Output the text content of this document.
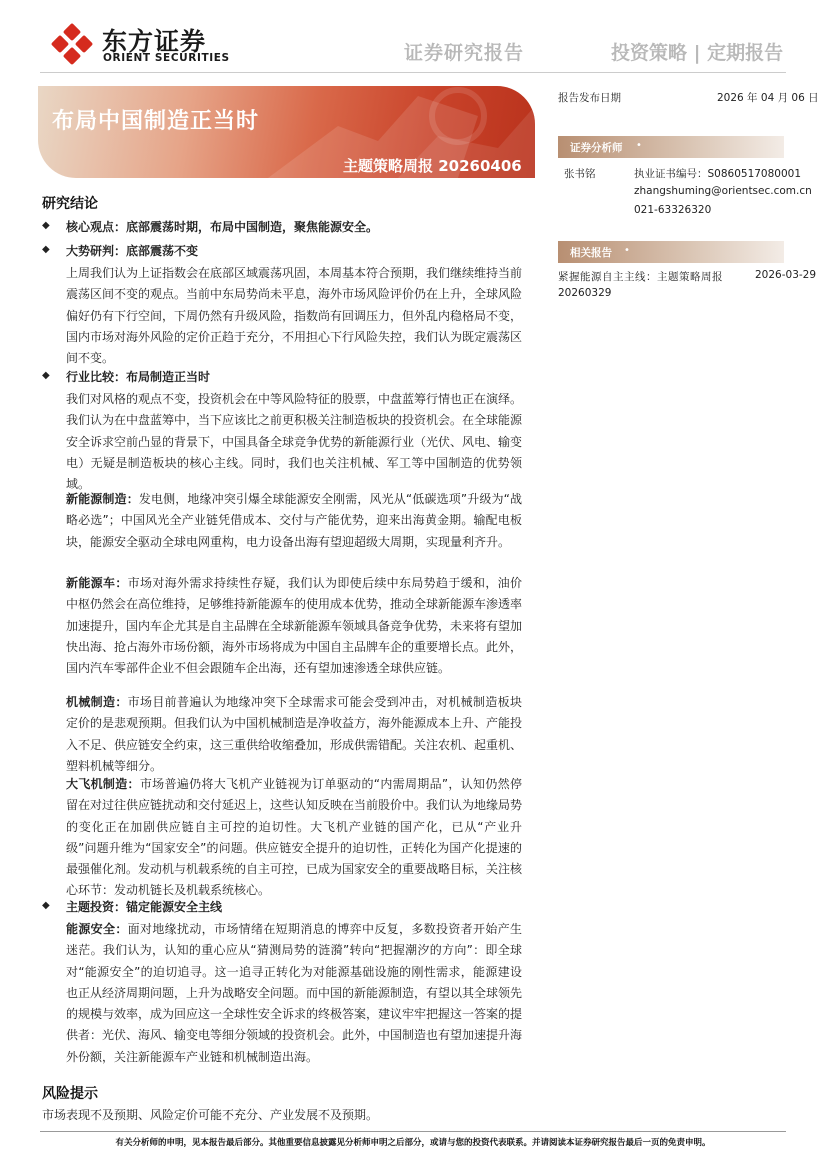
东方证券
ORIENT SECURITIES	证券研究报告	投资策略 | 定期报告
布局中国制造正当时
主题策略周报 20260406
报告发布日期	2026 年 04 月 06 日
证券分析师 •
张书铭	执业证书编号：S0860517080001
zhangshuming@orientsec.com.cn
021-63326320
相关报告 •
紧握能源自主主线：主题策略周报	2026-03-29
20260329
研究结论
◆ 核心观点：底部震荡时期，布局中国制造，聚焦能源安全。
◆ 大势研判：底部震荡不变

上周我们认为上证指数会在底部区域震荡巩固，本周基本符合预期，我们继续维持当前震荡区间不变的观点。当前中东局势尚未平息，海外市场风险评价仍在上升，全球风险偏好仍有下行空间，下周仍然有升级风险，指数尚有回调压力，但外乱内稳格局不变，国内市场对海外风险的定价正趋于充分，不用担心下行风险失控，我们认为既定震荡区间不变。

◆ 行业比较：布局制造正当时

我们对风格的观点不变，投资机会在中等风险特征的股票，中盘蓝筹行情也正在演绎。我们认为在中盘蓝筹中，当下应该比之前更积极关注制造板块的投资机会。在全球能源安全诉求空前凸显的背景下，中国具备全球竞争优势的新能源行业（光伏、风电、输变电）无疑是制造板块的核心主线。同时，我们也关注机械、军工等中国制造的优势领域。

新能源制造：发电侧，地缘冲突引爆全球能源安全刚需，风光从“低碳选项”升级为“战略必选”；中国风光全产业链凭借成本、交付与产能优势，迎来出海黄金期。输配电板块，能源安全驱动全球电网重构，电力设备出海有望迎超级大周期，实现量利齐升。

新能源车：市场对海外需求持续性存疑，我们认为即使后续中东局势趋于缓和，油价中枢仍然会在高位维持，足够维持新能源车的使用成本优势，推动全球新能源车渗透率加速提升，国内车企尤其是自主品牌在全球新能源车领域具备竞争优势，未来将有望加快出海、抢占海外市场份额，海外市场将成为中国自主品牌车企的重要增长点。此外，国内汽车零部件企业不但会跟随车企出海，还有望加速渗透全球供应链。

机械制造：市场目前普遍认为地缘冲突下全球需求可能会受到冲击，对机械制造板块定价的是悲观预期。但我们认为中国机械制造是净收益方，海外能源成本上升、产能投入不足、供应链安全约束，这三重供给收缩叠加，形成供需错配。关注农机、起重机、塑料机械等细分。

大飞机制造：市场普遍仍将大飞机产业链视为订单驱动的“内需周期品”，认知仍然停留在对过往供应链扰动和交付延迟上，这些认知反映在当前股价中。我们认为地缘局势的变化正在加剧供应链自主可控的迫切性。大飞机产业链的国产化，已从“产业升级”问题升维为“国家安全”的问题。供应链安全提升的迫切性，正转化为国产化提速的最强催化剂。发动机与机载系统的自主可控，已成为国家安全的重要战略目标，关注核心环节：发动机链长及机载系统核心。

◆ 主题投资：锚定能源安全主线

能源安全：面对地缘扰动，市场情绪在短期消息的博弈中反复，多数投资者开始产生迷茫。我们认为，认知的重心应从“猜测局势的涟漪”转向“把握潮汐的方向”：即全球对“能源安全”的迫切追寻。这一追寻正转化为对能源基础设施的刚性需求，能源建设也正从经济周期问题，上升为战略安全问题。而中国的新能源制造，有望以其全球领先的规模与效率，成为回应这一全球性安全诉求的终极答案，建议牢牢把握这一答案的提供者：光伏、海风、输变电等细分领域的投资机会。此外，中国制造也有望加速提升海外份额，关注新能源车产业链和机械制造出海。

风险提示
市场表现不及预期、风险定价可能不充分、产业发展不及预期。
有关分析师的申明，见本报告最后部分。其他重要信息披露见分析师申明之后部分，或请与您的投资代表联系。并请阅读本证券研究报告最后一页的免责申明。
